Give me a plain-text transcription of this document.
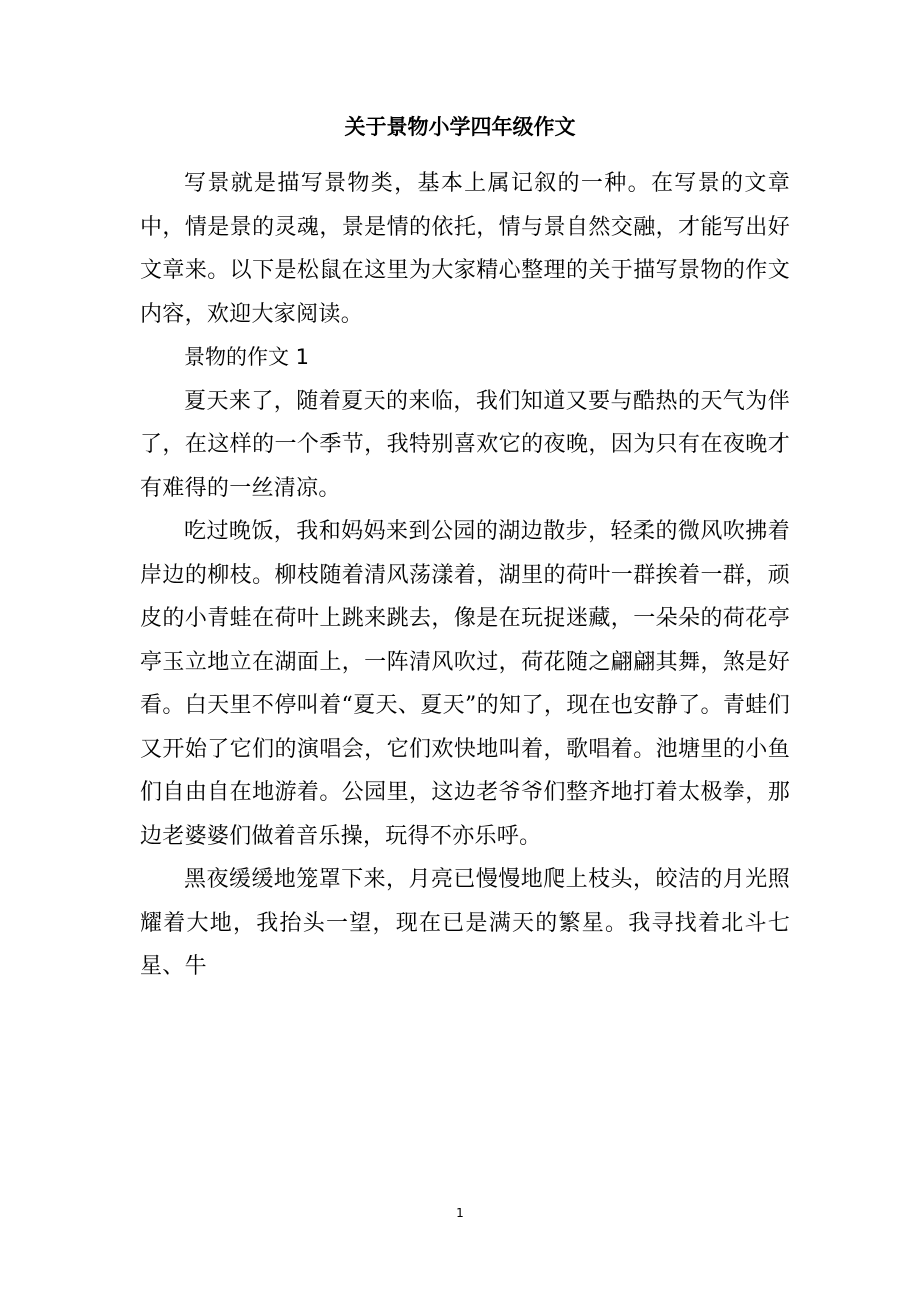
关于景物小学四年级作文

写景就是描写景物类，基本上属记叙的一种。在写景的文章中，情是景的灵魂，景是情的依托，情与景自然交融，才能写出好文章来。以下是松鼠在这里为大家精心整理的关于描写景物的作文内容，欢迎大家阅读。

景物的作文 1

夏天来了，随着夏天的来临，我们知道又要与酷热的天气为伴了，在这样的一个季节，我特别喜欢它的夜晚，因为只有在夜晚才有难得的一丝清凉。

吃过晚饭，我和妈妈来到公园的湖边散步，轻柔的微风吹拂着岸边的柳枝。柳枝随着清风荡漾着，湖里的荷叶一群挨着一群，顽皮的小青蛙在荷叶上跳来跳去，像是在玩捉迷藏，一朵朵的荷花亭亭玉立地立在湖面上，一阵清风吹过，荷花随之翩翩其舞，煞是好看。白天里不停叫着“夏天、夏天”的知了，现在也安静了。青蛙们又开始了它们的演唱会，它们欢快地叫着，歌唱着。池塘里的小鱼们自由自在地游着。公园里，这边老爷爷们整齐地打着太极拳，那边老婆婆们做着音乐操，玩得不亦乐呼。

黑夜缓缓地笼罩下来，月亮已慢慢地爬上枝头，皎洁的月光照耀着大地，我抬头一望，现在已是满天的繁星。我寻找着北斗七星、牛

1
